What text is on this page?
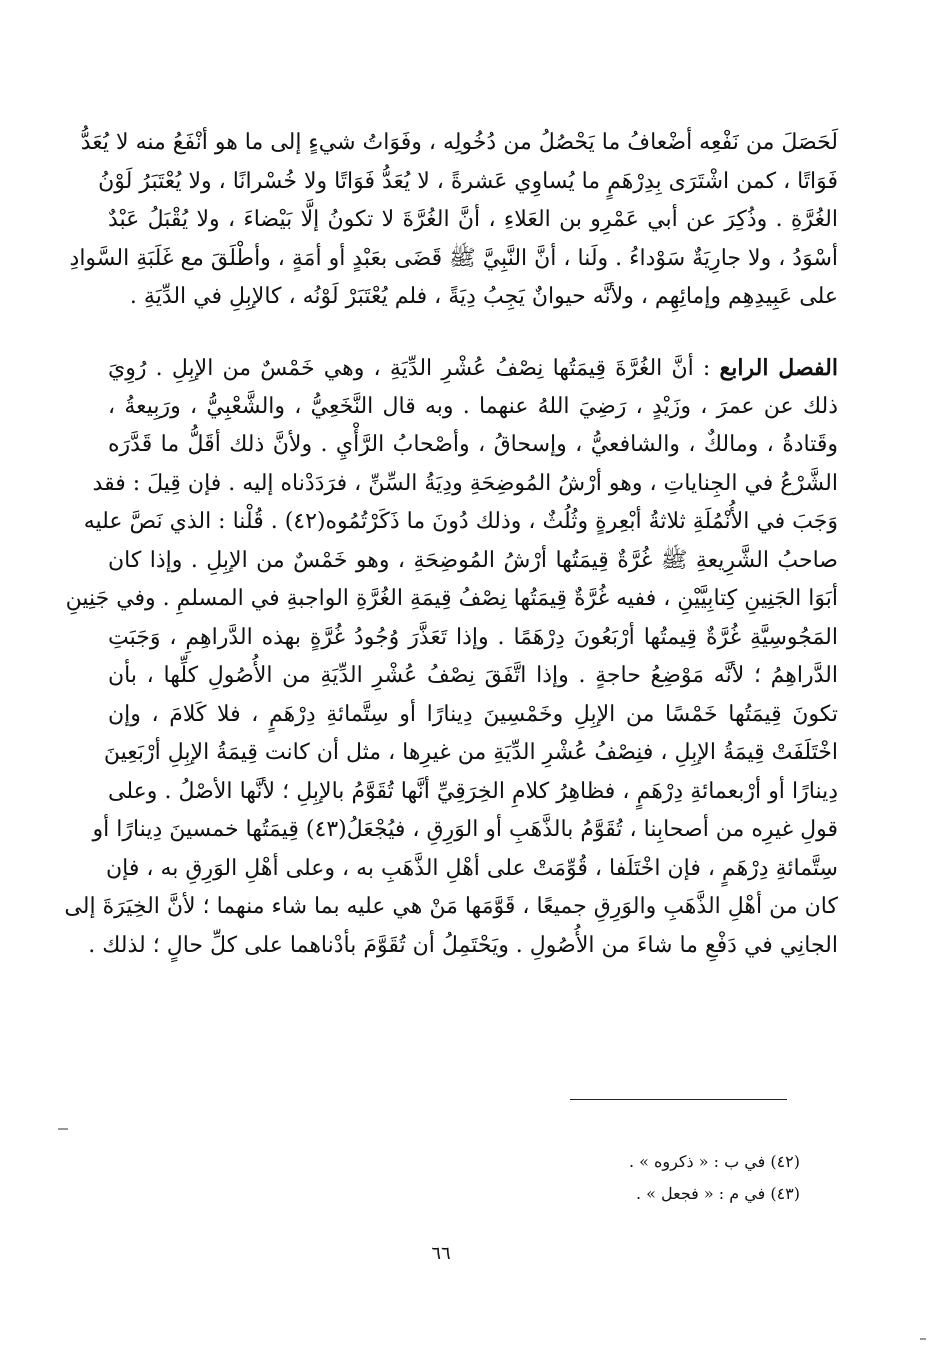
لَحَصَلَ من نَفْعِه أضْعافُ ما يَحْصُلُ من دُخُولِه ، وفَوَاتُ شيءٍ إلى ما هو أنْفَعُ منه لا يُعَدُّ
فَوَاتًا ، كمن اشْتَرَى بِدِرْهَمٍ ما يُساوِي عَشرةً ، لا يُعَدُّ فَوَاتًا ولا خُسْرانًا ، ولا يُعْتَبَرُ لَوْنُ
الغُرَّةِ . وذُكِرَ عن أبي عَمْرِو بن العَلاءِ ، أنَّ الغُرَّةَ لا تكونُ إلَّا بَيْضاءَ ، ولا يُقْبَلُ عَبْدٌ
أسْوَدُ ، ولا جارِيَةٌ سَوْداءُ . ولَنا ، أنَّ النَّبِيَّ ﷺ قَضَى بعَبْدٍ أو أمَةٍ ، وأطْلَقَ مع غَلَبَةِ السَّوادِ
على عَبِيدِهِم وإمائِهِم ، ولأنَّه حيوانٌ يَجِبُ دِيَةً ، فلم يُعْتَبَرْ لَوْنُه ، كالإبِلِ في الدِّيَةِ .
الفصل الرابع : أنَّ الغُرَّةَ قِيمَتُها نِصْفُ عُشْرِ الدِّيَةِ ، وهي خَمْسٌ من الإبِلِ . رُوِيَ
ذلك عن عمرَ ، وزَيْدٍ ، رَضِيَ اللهُ عنهما . وبه قال النَّخَعِيُّ ، والشَّعْبِيُّ ، ورَبِيعةُ ،
وقَتادةُ ، ومالكٌ ، والشافعيُّ ، وإسحاقُ ، وأصْحابُ الرَّأْيِ . ولأنَّ ذلك أقَلُّ ما قَدَّرَه
الشَّرْعُ في الجِناياتِ ، وهو أرْشُ المُوضِحَةِ ودِيَةُ السِّنِّ ، فرَدَدْناه إليه . فإن قِيلَ : فقد
وَجَبَ في الأُنْمُلَةِ ثلاثةُ أبْعِرةٍ وثُلُثٌ ، وذلك دُونَ ما ذَكَرْتُمُوه(٤٢) . قُلْنا : الذي نَصَّ عليه
صاحبُ الشَّرِيعةِ ﷺ غُرَّةٌ قِيمَتُها أرْشُ المُوضِحَةِ ، وهو خَمْسٌ من الإبِلِ . وإذا كان
أبَوَا الجَنِينِ كِتابِيَّيْنِ ، ففيه غُرَّةٌ قِيمَتُها نِصْفُ قِيمَةِ الغُرَّةِ الواجبةِ في المسلمِ . وفي جَنِينِ
المَجُوسِيَّةِ غُرَّةٌ قِيمتُها أرْبَعُونَ دِرْهَمًا . وإذا تَعَذَّرَ وُجُودُ غُرَّةٍ بهذه الدَّراهِمِ ، وَجَبَتِ
الدَّراهِمُ ؛ لأنَّه مَوْضِعُ حاجةٍ . وإذا اتَّفَقَ نِصْفُ عُشْرِ الدِّيَةِ من الأُصُولِ كلِّها ، بأن
تكونَ قِيمَتُها خَمْسًا من الإبِلِ وخَمْسِينَ دِينارًا أو سِتَّمائةِ دِرْهَمٍ ، فلا كَلامَ ، وإن
اخْتَلَفَتْ قِيمَةُ الإبِلِ ، فنِصْفُ عُشْرِ الدِّيَةِ من غيرِها ، مثل أن كانت قِيمَةُ الإبِلِ أرْبَعِينَ
دِينارًا أو أرْبعمائةِ دِرْهَمٍ ، فظاهِرُ كلامِ الخِرَقِيِّ أنَّها تُقَوَّمُ بالإبِلِ ؛ لأنَّها الأصْلُ . وعلى
قولِ غيرِه من أصحابِنا ، تُقَوَّمُ بالذَّهَبِ أو الوَرِقِ ، فيُجْعَلُ(٤٣) قِيمَتُها خمسينَ دِينارًا أو
سِتَّمائةِ دِرْهَمٍ ، فإن اخْتَلَفا ، قُوِّمَتْ على أهْلِ الذَّهَبِ به ، وعلى أهْلِ الوَرِقِ به ، فإن
كان من أهْلِ الذَّهَبِ والوَرِقِ جميعًا ، قَوَّمَها مَنْ هي عليه بما شاء منهما ؛ لأنَّ الخِيَرَةَ إلى
الجانِي في دَفْعِ ما شاءَ من الأُصُولِ . ويَحْتَمِلُ أن تُقَوَّمَ بأدْناهما على كلِّ حالٍ ؛ لذلك .
(٤٢) في ب : « ذكروه » .
(٤٣) في م : « فجعل » .
٦٦
